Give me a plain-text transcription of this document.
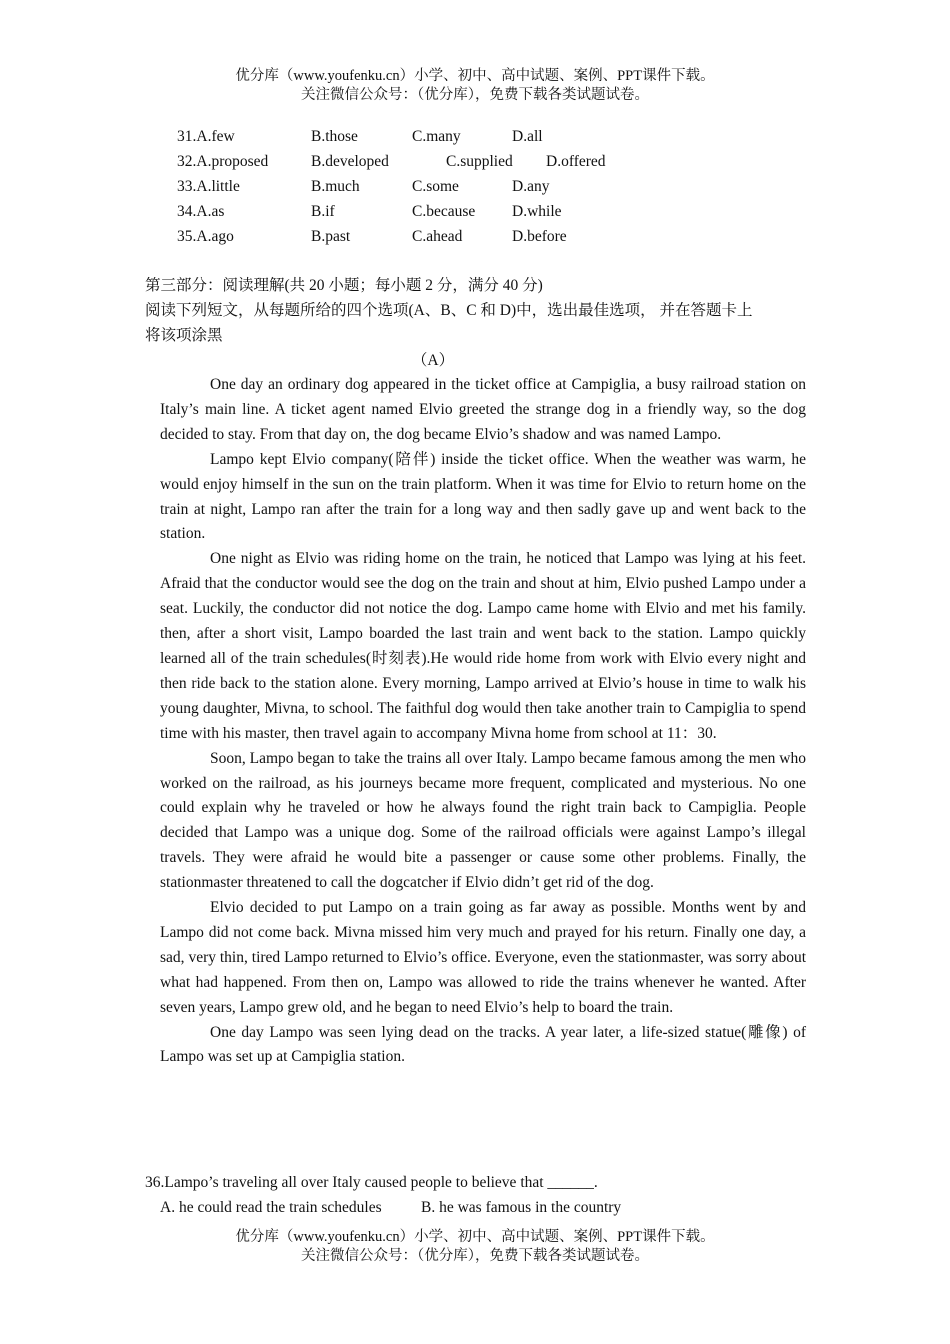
优分库（www.youfenku.cn）小学、初中、高中试题、案例、PPT课件下载。
关注微信公众号：（优分库），免费下载各类试题试卷。
31.A.few	B.those	C.many	D.all
32.A.proposed	B.developed	C.supplied D.offered
33.A.little	B.much	C.some	D.any
34.A.as	B.if	C.because D.while
35.A.ago	B.past	C.ahead	D.before
第三部分：阅读理解(共 20 小题；每小题 2 分，满分 40 分)
阅读下列短文，从每题所给的四个选项(A、B、C 和 D)中，选出最佳选项， 并在答题卡上
将该项涂黑
（A）

One day an ordinary dog appeared in the ticket office at Campiglia, a busy railroad station on Italy’s main line. A ticket agent named Elvio greeted the strange dog in a friendly way, so the dog decided to stay. From that day on, the dog became Elvio’s shadow and was named Lampo.

Lampo kept Elvio company(陪伴) inside the ticket office. When the weather was warm, he would enjoy himself in the sun on the train platform. When it was time for Elvio to return home on the train at night, Lampo ran after the train for a long way and then sadly gave up and went back to the station.

One night as Elvio was riding home on the train, he noticed that Lampo was lying at his feet. Afraid that the conductor would see the dog on the train and shout at him, Elvio pushed Lampo under a seat. Luckily, the conductor did not notice the dog. Lampo came home with Elvio and met his family. then, after a short visit, Lampo boarded the last train and went back to the station. Lampo quickly learned all of the train schedules(时刻表).He would ride home from work with Elvio every night and then ride back to the station alone. Every morning, Lampo arrived at Elvio’s house in time to walk his young daughter, Mivna, to school. The faithful dog would then take another train to Campiglia to spend time with his master, then travel again to accompany Mivna home from school at 11：30.

Soon, Lampo began to take the trains all over Italy. Lampo became famous among the men who worked on the railroad, as his journeys became more frequent, complicated and mysterious. No one could explain why he traveled or how he always found the right train back to Campiglia. People decided that Lampo was a unique dog. Some of the railroad officials were against Lampo’s illegal travels. They were afraid he would bite a passenger or cause some other problems. Finally, the stationmaster threatened to call the dogcatcher if Elvio didn’t get rid of the dog.

Elvio decided to put Lampo on a train going as far away as possible. Months went by and Lampo did not come back. Mivna missed him very much and prayed for his return. Finally one day, a sad, very thin, tired Lampo returned to Elvio’s office. Everyone, even the stationmaster, was sorry about what had happened. From then on, Lampo was allowed to ride the trains whenever he wanted. After seven years, Lampo grew old, and he began to need Elvio’s help to board the train.

One day Lampo was seen lying dead on the tracks. A year later, a life-sized statue(雕像) of Lampo was set up at Campiglia station.

36.Lampo’s traveling all over Italy caused people to believe that ______.
A. he could read the train schedules	B. he was famous in the country
优分库（www.youfenku.cn）小学、初中、高中试题、案例、PPT课件下载。
关注微信公众号：（优分库），免费下载各类试题试卷。
